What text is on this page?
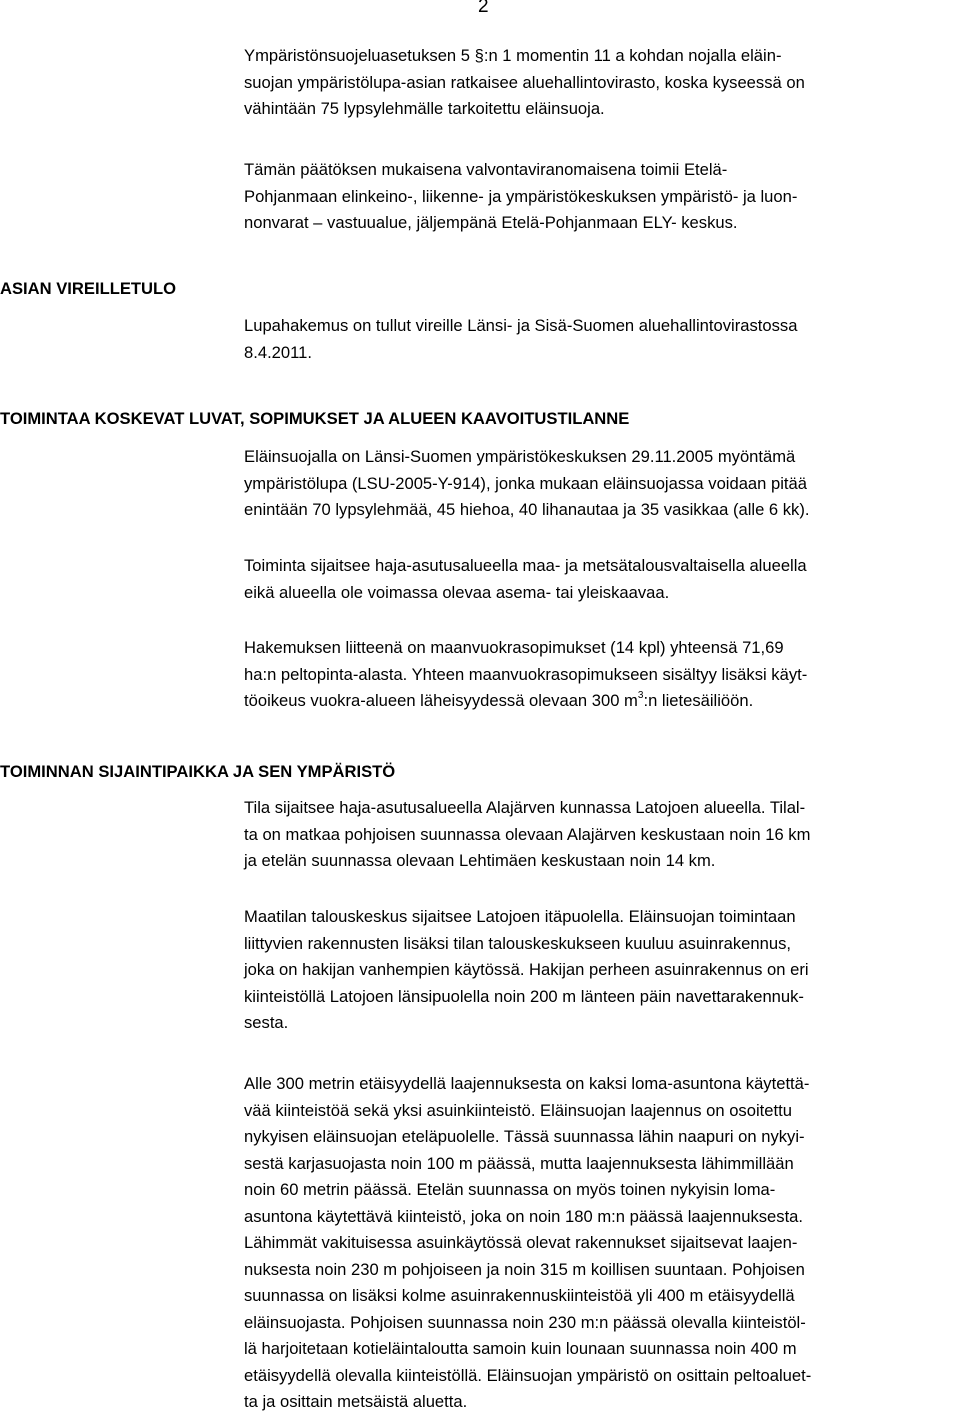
2

Ympäristönsuojeluasetuksen 5 §:n 1 momentin 11 a kohdan nojalla eläin-
suojan ympäristölupa-asian ratkaisee aluehallintovirasto, koska kyseessä on
vähintään 75 lypsylehmälle tarkoitettu eläinsuoja.

Tämän päätöksen mukaisena valvontaviranomaisena toimii Etelä-
Pohjanmaan elinkeino-, liikenne- ja ympäristökeskuksen ympäristö- ja luon-
nonvarat – vastuualue, jäljempänä Etelä-Pohjanmaan ELY- keskus.

ASIAN VIREILLETULO

Lupahakemus on tullut vireille Länsi- ja Sisä-Suomen aluehallintovirastossa
8.4.2011.

TOIMINTAA KOSKEVAT LUVAT, SOPIMUKSET JA ALUEEN KAAVOITUSTILANNE

Eläinsuojalla on Länsi-Suomen ympäristökeskuksen 29.11.2005 myöntämä
ympäristölupa (LSU-2005-Y-914), jonka mukaan eläinsuojassa voidaan pitää
enintään 70 lypsylehmää, 45 hiehoa, 40 lihanautaa ja 35 vasikkaa (alle 6 kk).

Toiminta sijaitsee haja-asutusalueella maa- ja metsätalousvaltaisella alueella
eikä alueella ole voimassa olevaa asema- tai yleiskaavaa.

Hakemuksen liitteenä on maanvuokrasopimukset (14 kpl) yhteensä 71,69
ha:n peltopinta-alasta. Yhteen maanvuokrasopimukseen sisältyy lisäksi käyt-
töoikeus vuokra-alueen läheisyydessä olevaan 300 $m^3:n$ lietesäiliöön.

TOIMINNAN SIJAINTIPAIKKA JA SEN YMPÄRISTÖ

Tila sijaitsee haja-asutusalueella Alajärven kunnassa Latojoen alueella. Tilal-
ta on matkaa pohjoisen suunnassa olevaan Alajärven keskustaan noin 16 km
ja etelän suunnassa olevaan Lehtimäen keskustaan noin 14 km.

Maatilan talouskeskus sijaitsee Latojoen itäpuolella. Eläinsuojan toimintaan
liittyvien rakennusten lisäksi tilan talouskeskukseen kuuluu asuinrakennus,
joka on hakijan vanhempien käytössä. Hakijan perheen asuinrakennus on eri
kiinteistöllä Latojoen länsipuolella noin 200 m länteen päin navettarakennuk-
sesta.

Alle 300 metrin etäisyydellä laajennuksesta on kaksi loma-asuntona käytettä-
vää kiinteistöä sekä yksi asuinkiinteistö. Eläinsuojan laajennus on osoitettu
nykyisen eläinsuojan eteläpuolelle. Tässä suunnassa lähin naapuri on nykyi-
sestä karjasuojasta noin 100 m päässä, mutta laajennuksesta lähimmillään
noin 60 metrin päässä. Etelän suunnassa on myös toinen nykyisin loma-
asuntona käytettävä kiinteistö, joka on noin 180 m:n päässä laajennuksesta.
Lähimmät vakituisessa asuinkäytössä olevat rakennukset sijaitsevat laajen-
nuksesta noin 230 m pohjoiseen ja noin 315 m koillisen suuntaan. Pohjoisen
suunnassa on lisäksi kolme asuinrakennuskiinteistöä yli 400 m etäisyydellä
eläinsuojasta. Pohjoisen suunnassa noin 230 m:n päässä olevalla kiinteistöl-
lä harjoitetaan kotieläintaloutta samoin kuin lounaan suunnassa noin 400 m
etäisyydellä olevalla kiinteistöllä. Eläinsuojan ympäristö on osittain peltoaluet-
ta ja osittain metsäistä aluetta.
